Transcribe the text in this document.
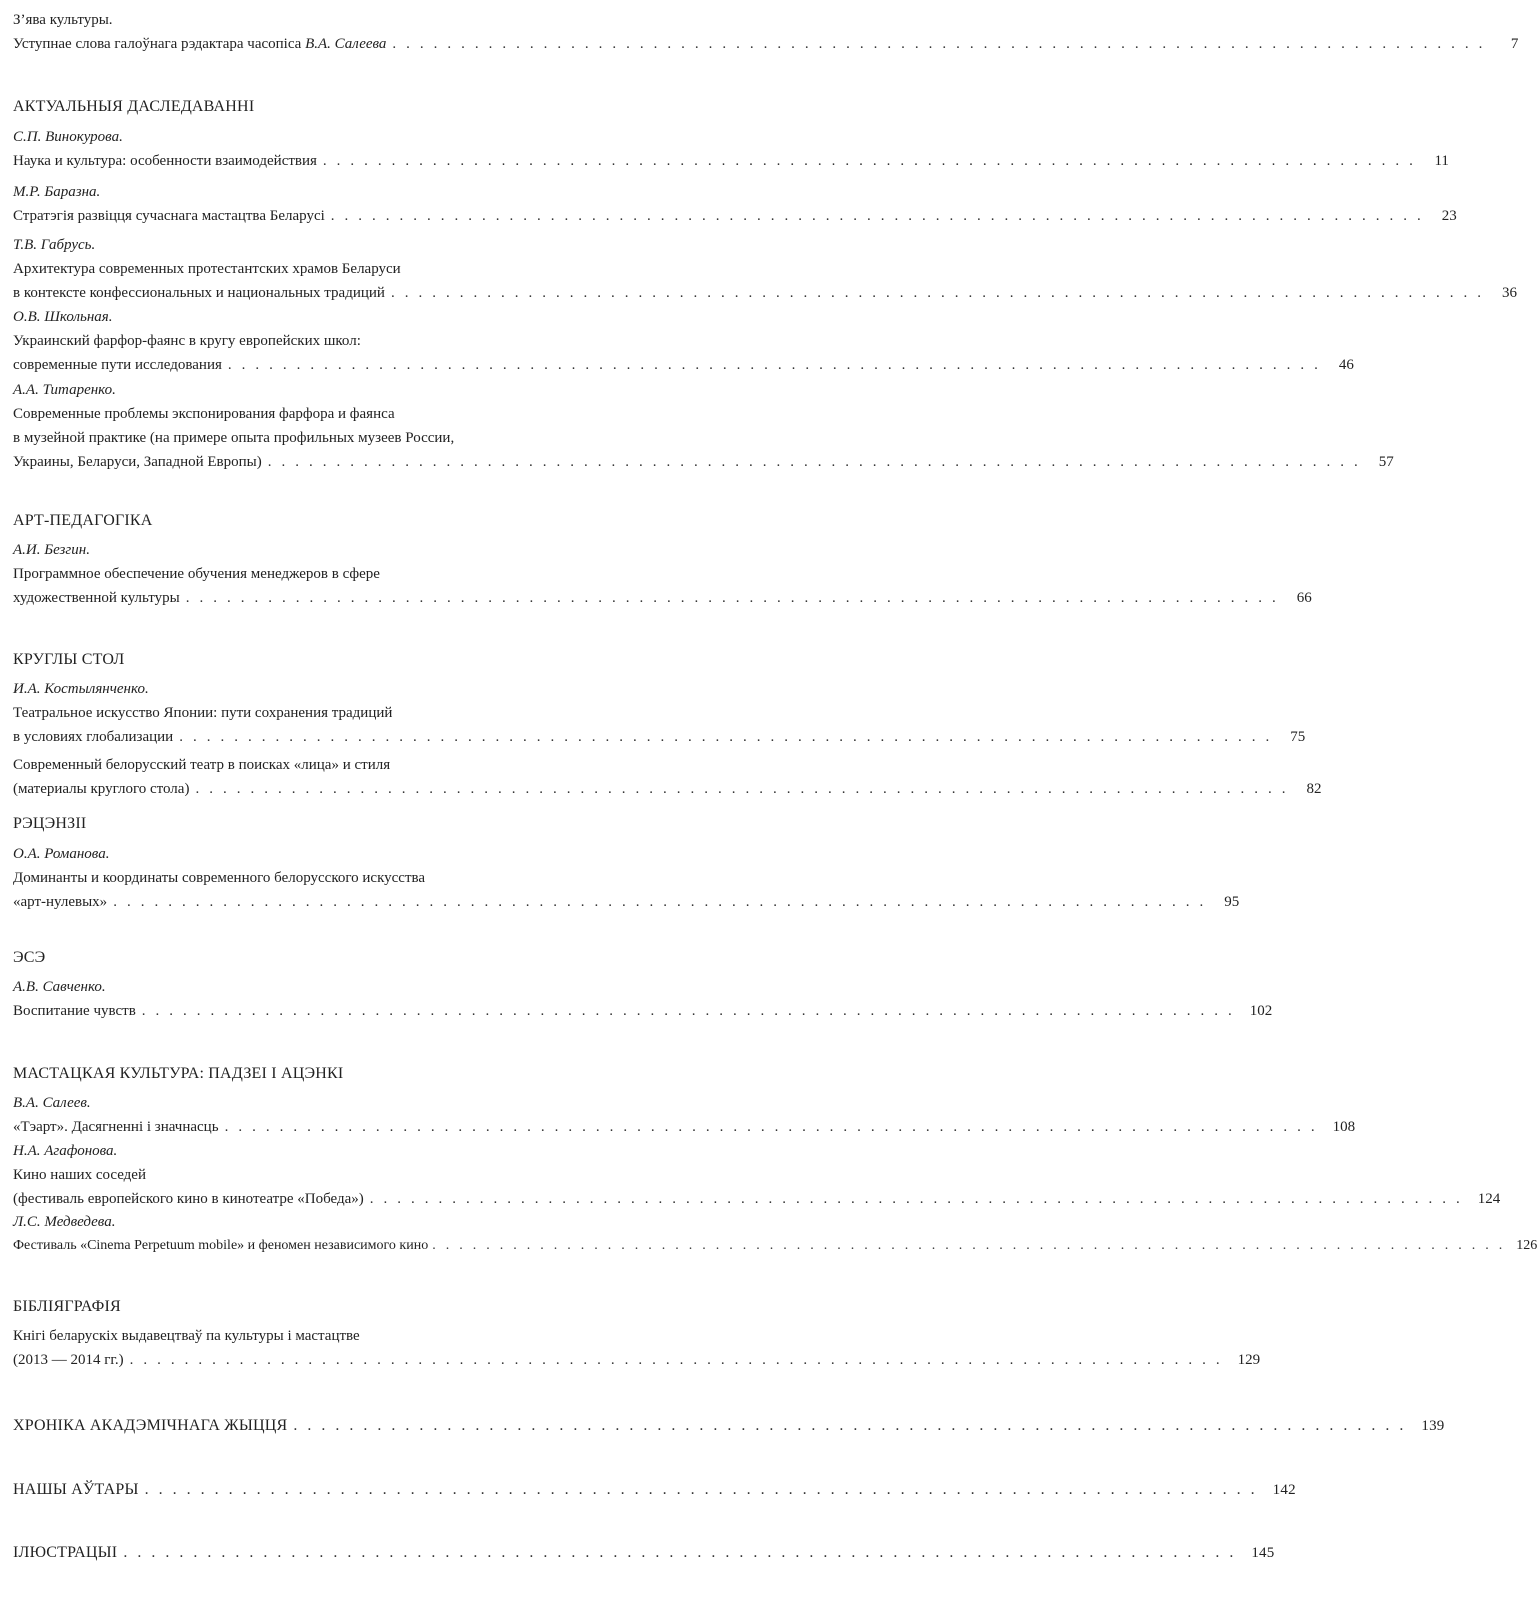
З’ява культуры.
Уступнае слова галоўнага рэдактара часопіса В.А. Салеева ................................................................................	7
АКТУАЛЬНЫЯ ДАСЛЕДАВАННІ
С.П. Винокурова.
Наука и культура: особенности взаимодействия ................................................................................ 11
М.Р. Баразна.
Стратэгія развіцця сучаснага мастацтва Беларусі ................................................................................ 23
Т.В. Габрусь.
Архитектура современных протестантских храмов Беларуси
в контексте конфессиональных и национальных традиций ................................................................................ 36
О.В. Школьная.
Украинский фарфор-фаянс в кругу европейских школ:
современные пути исследования ................................................................................ 46
А.А. Титаренко.
Современные проблемы экспонирования фарфора и фаянса
в музейной практике (на примере опыта профильных музеев России,
Украины, Беларуси, Западной Европы) ................................................................................ 57
АРТ-ПЕДАГОГІКА
А.И. Безгин.
Программное обеспечение обучения менеджеров в сфере
художественной культуры ................................................................................ 66
КРУГЛЫ СТОЛ
И.А. Костылянченко.
Театральное искусство Японии: пути сохранения традиций
в условиях глобализации ................................................................................ 75
Современный белорусский театр в поисках «лица» и стиля
(материалы круглого стола) ................................................................................ 82
РЭЦЭНЗІІ
О.А. Романова.
Доминанты и координаты современного белорусского искусства
«арт-нулевых» ................................................................................ 95
ЭСЭ
А.В. Савченко.
Воспитание чувств ................................................................................ 102
МАСТАЦКАЯ КУЛЬТУРА: ПАДЗЕІ І АЦЭНКІ
В.А. Салеев.
«Тэарт». Дасягненні і значнасць ................................................................................ 108
Н.А. Агафонова.
Кино наших соседей
(фестиваль европейского кино в кинотеатре «Победа») ................................................................................ 124
Л.С. Медведева.
Фестиваль «Cinema Perpetuum mobile» и феномен независимого кино ................................................................................ 126
БІБЛІЯГРАФІЯ
Кнігі беларускіх выдавецтваў па культуры і мастацтве
(2013 — 2014 гг.) ................................................................................ 129
ХРОНІКА АКАДЭМІЧНАГА ЖЫЦЦЯ ................................................................................ 139
НАШЫ АЎТАРЫ ................................................................................ 142
ІЛЮСТРАЦЫІ ................................................................................ 145
